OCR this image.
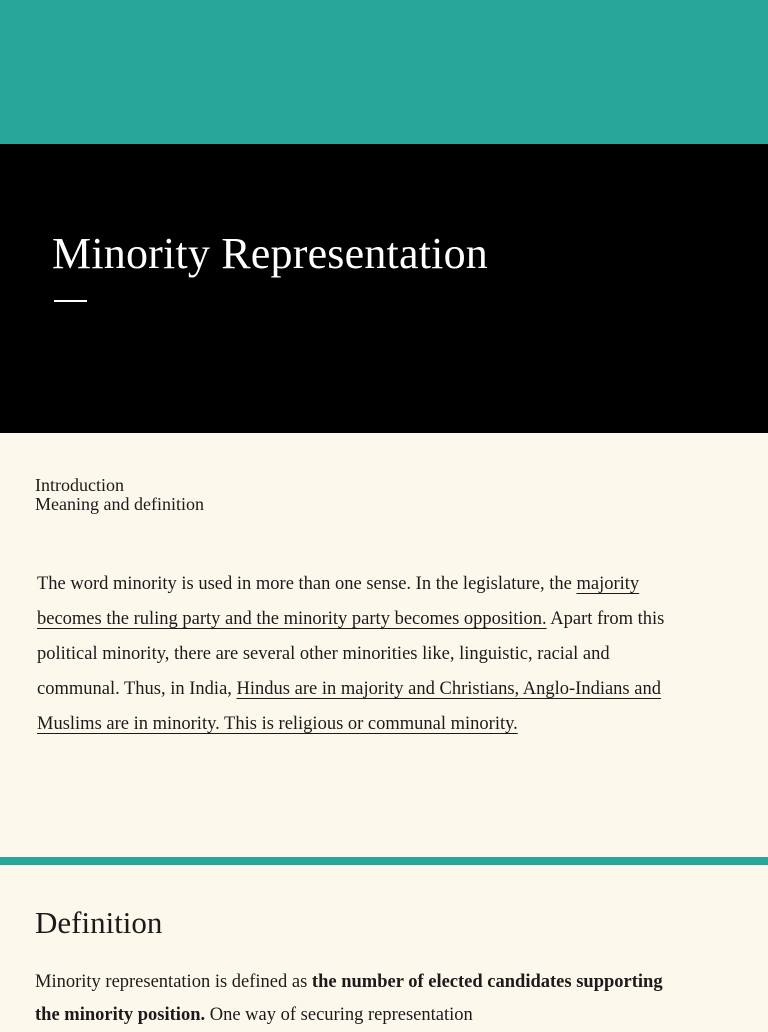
Minority Representation
Introduction
Meaning and definition

The word minority is used in more than one sense. In the legislature, the majority becomes the ruling party and the minority party becomes opposition. Apart from this political minority, there are several other minorities like, linguistic, racial and communal. Thus, in India, Hindus are in majority and Christians, Anglo-Indians and Muslims are in minority. This is religious or communal minority.

Definition

Minority representation is defined as the number of elected candidates supporting the minority position. One way of securing representation
